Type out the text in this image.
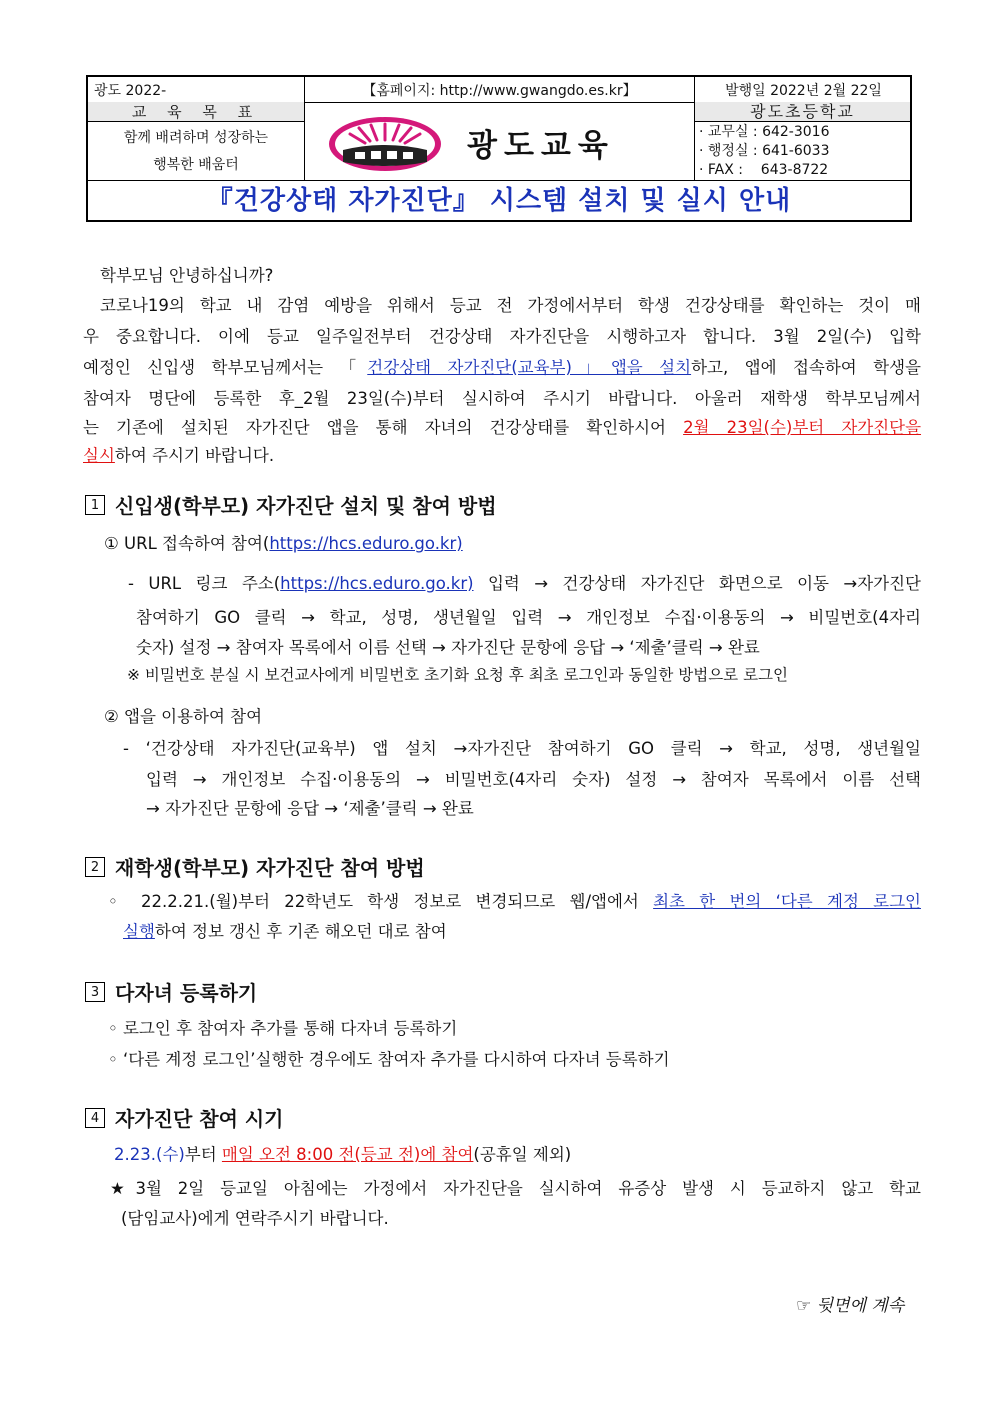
광도 2022-	【홈페이지: http://www.gwangdo.es.kr】	발행일 2022년 2월 22일
교 육 목 표
함께 배려하며 성장하는
행복한 배움터
광도교육
광도초등학교
· 교무실 : 642-3016
· 행정실 : 641-6033
· FAX :    643-8722
『건강상태 자가진단』 시스템 설치 및 실시 안내
학부모님 안녕하십니까?
코로나19의 학교 내 감염 예방을 위해서 등교 전 가정에서부터 학생 건강상태를 확인하는 것이 매
우 중요합니다. 이에 등교 일주일전부터 건강상태 자가진단을 시행하고자 합니다. 3월 2일(수) 입학
예정인 신입생 학부모님께서는 「건강상태 자가진단(교육부)」앱을 설치하고, 앱에 접속하여 학생을
참여자 명단에 등록한 후_2월 23일(수)부터 실시하여 주시기 바랍니다. 아울러 재학생 학부모님께서
는 기존에 설치된 자가진단 앱을 통해 자녀의 건강상태를 확인하시어 2월 23일(수)부터 자가진단을
실시하여 주시기 바랍니다.
1 신입생(학부모) 자가진단 설치 및 참여 방법
① URL 접속하여 참여(https://hcs.eduro.go.kr)
- URL 링크 주소(https://hcs.eduro.go.kr) 입력 → 건강상태 자가진단 화면으로 이동 →자가진단
참여하기 GO 클릭 → 학교, 성명, 생년월일 입력 → 개인정보 수집·이용동의 → 비밀번호(4자리
숫자) 설정 → 참여자 목록에서 이름 선택 → 자가진단 문항에 응답 → ‘제출’클릭 → 완료
※ 비밀번호 분실 시 보건교사에게 비밀번호 초기화 요청 후 최초 로그인과 동일한 방법으로 로그인
② 앱을 이용하여 참여
- ‘건강상태 자가진단(교육부) 앱 설치 →자가진단 참여하기 GO 클릭 → 학교, 성명, 생년월일
입력 → 개인정보 수집·이용동의 → 비밀번호(4자리 숫자) 설정 → 참여자 목록에서 이름 선택
→ 자가진단 문항에 응답 → ‘제출’클릭 → 완료
2 재학생(학부모) 자가진단 참여 방법
◦ 22.2.21.(월)부터 22학년도 학생 정보로 변경되므로 웹/앱에서 최초 한 번의 ‘다른 계정 로그인
실행하여 정보 갱신 후 기존 해오던 대로 참여
3 다자녀 등록하기
◦ 로그인 후 참여자 추가를 통해 다자녀 등록하기
◦ ‘다른 계정 로그인’실행한 경우에도 참여자 추가를 다시하여 다자녀 등록하기
4 자가진단 참여 시기
2.23.(수)부터 매일 오전 8:00 전(등교 전)에 참여(공휴일 제외)
★3월 2일 등교일 아침에는 가정에서 자가진단을 실시하여 유증상 발생 시 등교하지 않고 학교
(담임교사)에게 연락주시기 바랍니다.
☞ 뒷면에 계속
